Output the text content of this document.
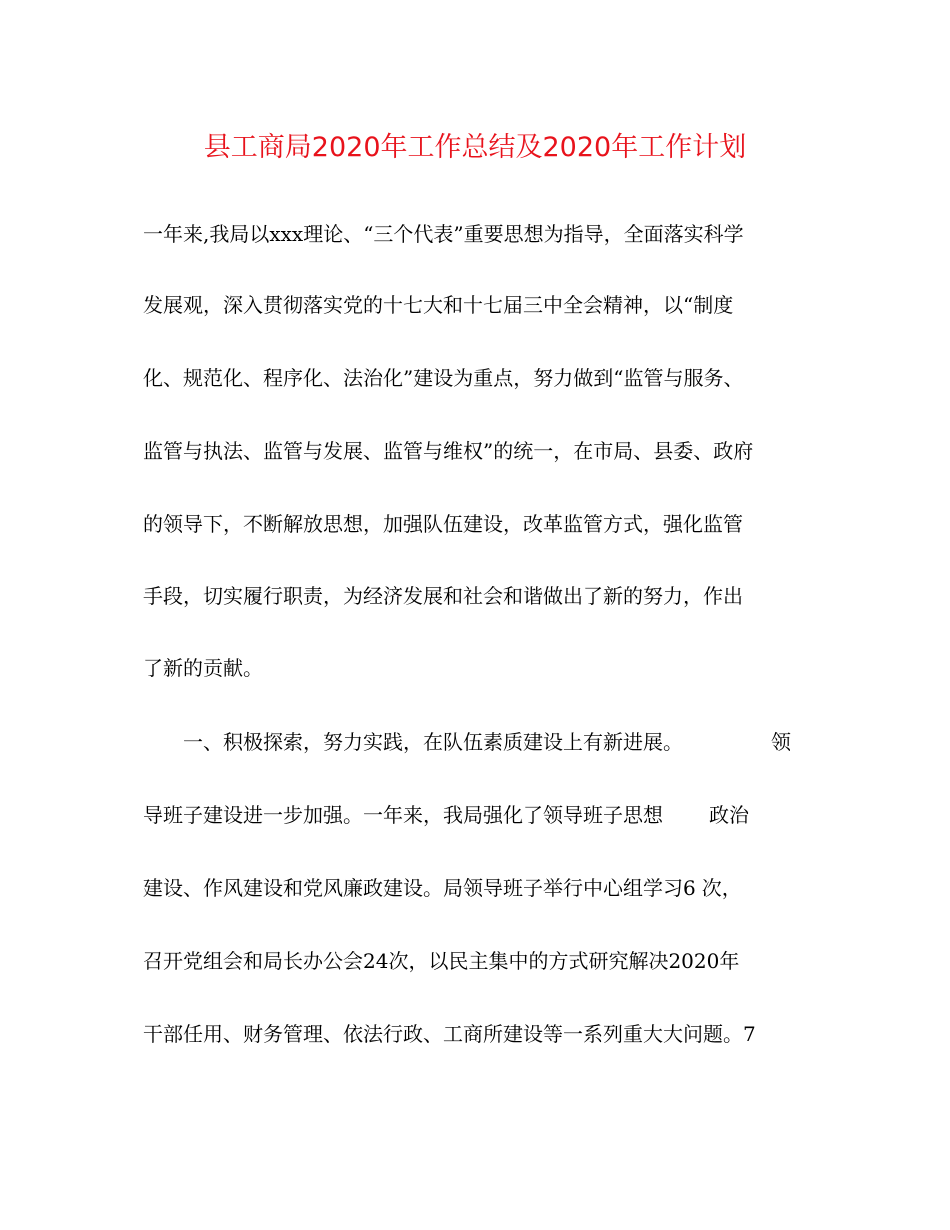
县工商局2020年工作总结及2020年工作计划
一年来,我局以xxx理论、“三个代表”重要思想为指导，全面落实科学
发展观，深入贯彻落实党的十七大和十七届三中全会精神，以“制度
化、规范化、程序化、法治化”建设为重点，努力做到“监管与服务、
监管与执法、监管与发展、监管与维权”的统一，在市局、县委、政府
的领导下，不断解放思想，加强队伍建设，改革监管方式，强化监管
手段，切实履行职责，为经济发展和社会和谐做出了新的努力，作出
了新的贡献。
一、积极探索，努力实践，在队伍素质建设上有新进展。	领
导班子建设进一步加强。一年来，我局强化了领导班子思想 政治
建设、作风建设和党风廉政建设。局领导班子举行中心组学习6 次，
召开党组会和局长办公会24次，以民主集中的方式研究解决2020年
干部任用、财务管理、依法行政、工商所建设等一系列重大大问题。7
